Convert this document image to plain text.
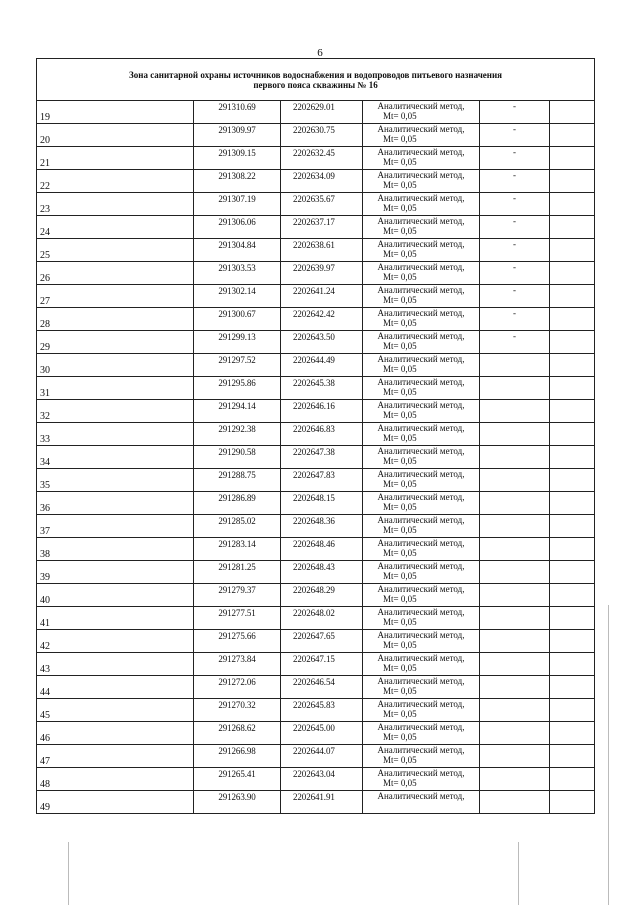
6
Зона санитарной охраны источников водоснабжения и водопроводов питьевого назначения
первого пояса скважины № 16					

19	291310.69	2202629.01	Аналитический метод,
Mt= 0,05	-	
20	291309.97	2202630.75	Аналитический метод,
Mt= 0,05	-	
21	291309.15	2202632.45	Аналитический метод,
Mt= 0,05	-	
22	291308.22	2202634.09	Аналитический метод,
Mt= 0,05	-	
23	291307.19	2202635.67	Аналитический метод,
Mt= 0,05	-	
24	291306.06	2202637.17	Аналитический метод,
Mt= 0,05	-	
25	291304.84	2202638.61	Аналитический метод,
Mt= 0,05	-	
26	291303.53	2202639.97	Аналитический метод,
Mt= 0,05	-	
27	291302.14	2202641.24	Аналитический метод,
Mt= 0,05	-	
28	291300.67	2202642.42	Аналитический метод,
Mt= 0,05	-	
29	291299.13	2202643.50	Аналитический метод,
Mt= 0,05	-	
30	291297.52	2202644.49	Аналитический метод,
Mt= 0,05		

31	291295.86	2202645.38	Аналитический метод,
Mt= 0,05		

32	291294.14	2202646.16	Аналитический метод,
Mt= 0,05		

33	291292.38	2202646.83	Аналитический метод,
Mt= 0,05		

34	291290.58	2202647.38	Аналитический метод,
Mt= 0,05		

35	291288.75	2202647.83	Аналитический метод,
Mt= 0,05		

36	291286.89	2202648.15	Аналитический метод,
Mt= 0,05		

37	291285.02	2202648.36	Аналитический метод,
Mt= 0,05		

38	291283.14	2202648.46	Аналитический метод,
Mt= 0,05		

39	291281.25	2202648.43	Аналитический метод,
Mt= 0,05		

40	291279.37	2202648.29	Аналитический метод,
Mt= 0,05		

41	291277.51	2202648.02	Аналитический метод,
Mt= 0,05		

42	291275.66	2202647.65	Аналитический метод,
Mt= 0,05		

43	291273.84	2202647.15	Аналитический метод,
Mt= 0,05		

44	291272.06	2202646.54	Аналитический метод,
Mt= 0,05		

45	291270.32	2202645.83	Аналитический метод,
Mt= 0,05		

46	291268.62	2202645.00	Аналитический метод,
Mt= 0,05		

47	291266.98	2202644.07	Аналитический метод,
Mt= 0,05		

48	291265.41	2202643.04	Аналитический метод,
Mt= 0,05		

49	291263.90	2202641.91	Аналитический метод,		
